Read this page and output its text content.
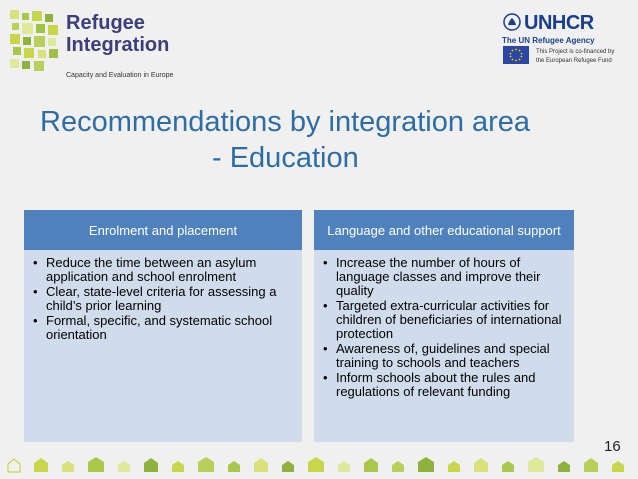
Refugee
Integration
Capacity and Evaluation in Europe
UNHCR
The UN Refugee Agency
This Project is co-financed by
the European Refugee Fund
Recommendations by integration area
- Education
Enrolment and placement
• Reduce the time between an asylum application and school enrolment
• Clear, state-level criteria for assessing a child’s prior learning
• Formal, specific, and systematic school orientation
Language and other educational support
• Increase the number of hours of language classes and improve their quality
• Targeted extra-curricular activities for children of beneficiaries of international protection
• Awareness of, guidelines and special training to schools and teachers
• Inform schools about the rules and regulations of relevant funding
16
